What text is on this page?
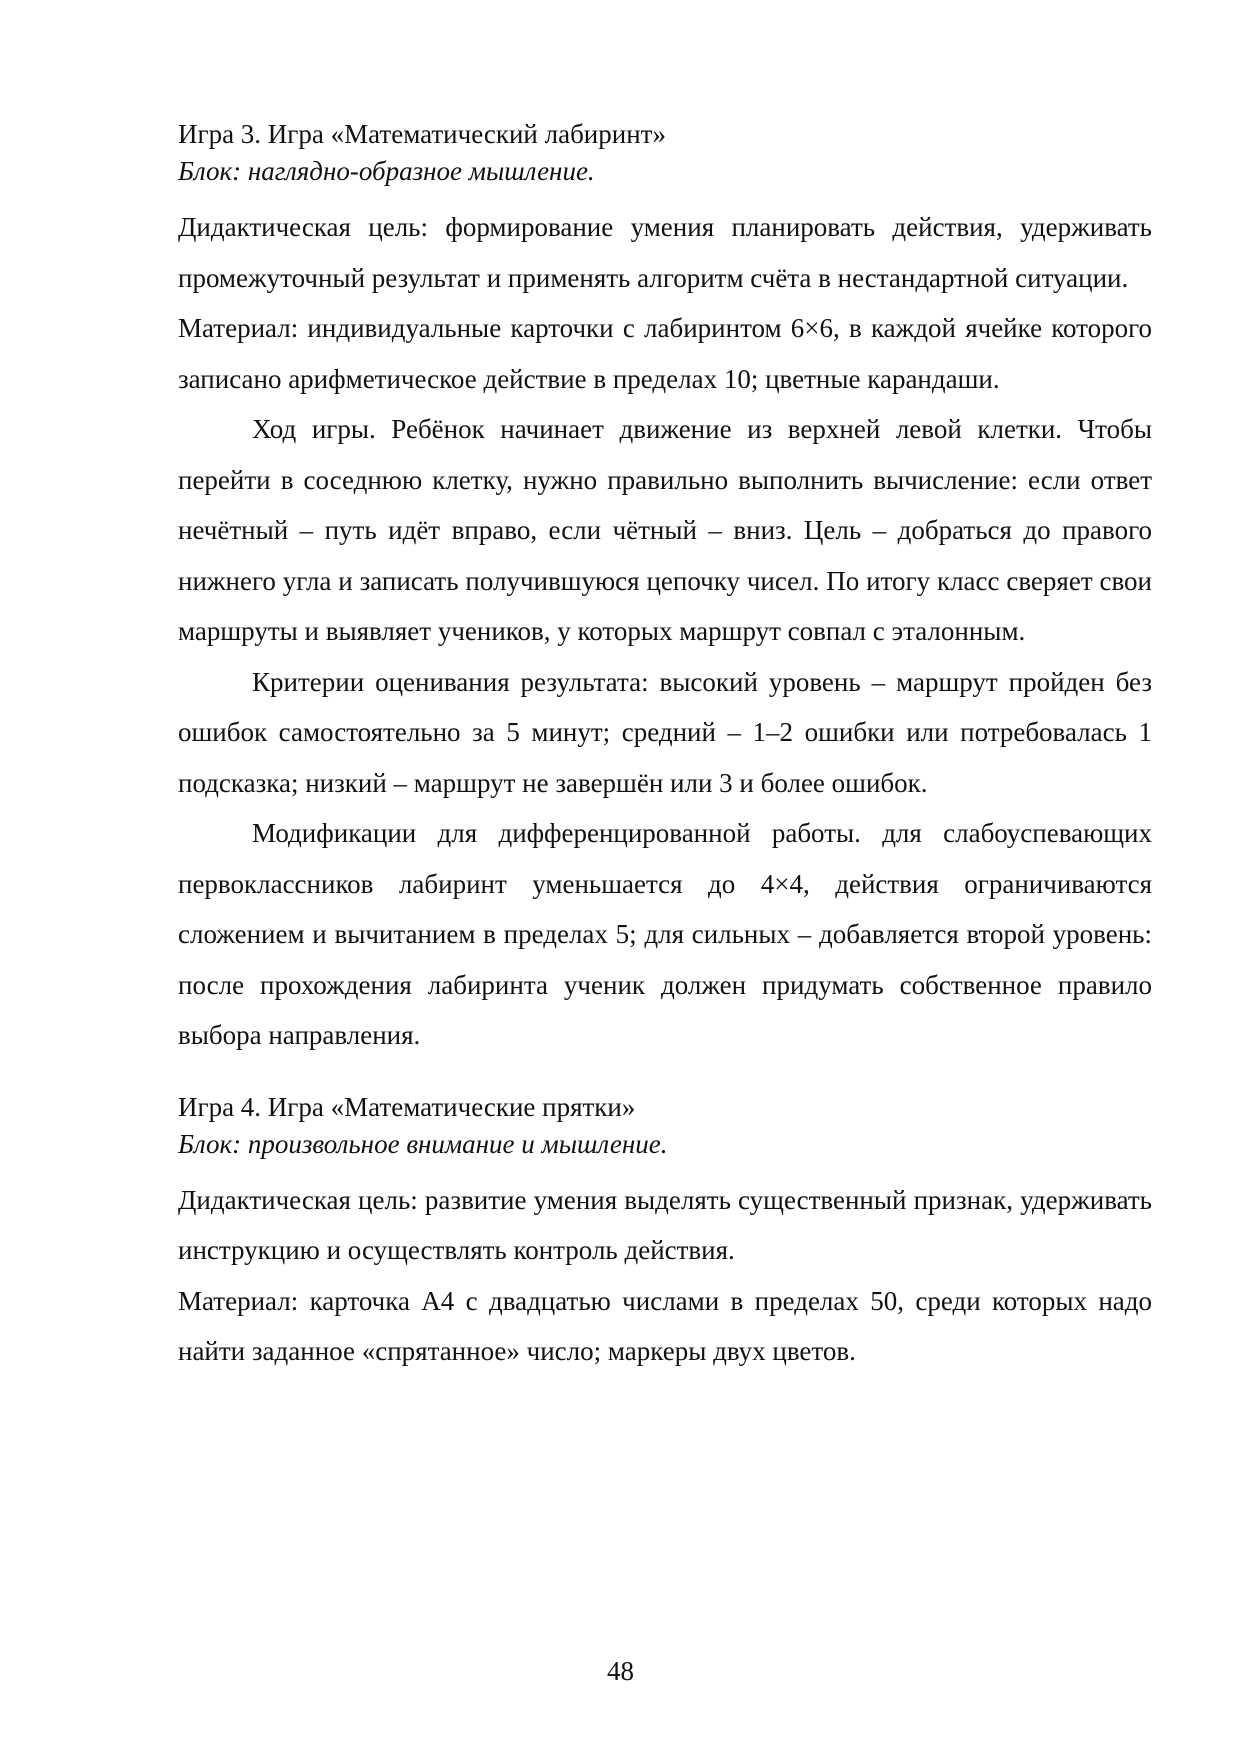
Игра 3. Игра «Математический лабиринт»

Блок: наглядно-образное мышление.

Дидактическая цель: формирование умения планировать действия, удерживать промежуточный результат и применять алгоритм счёта в нестандартной ситуации.

Материал: индивидуальные карточки с лабиринтом 6×6, в каждой ячейке которого записано арифметическое действие в пределах 10; цветные карандаши.

Ход игры. Ребёнок начинает движение из верхней левой клетки. Чтобы перейти в соседнюю клетку, нужно правильно выполнить вычисление: если ответ нечётный – путь идёт вправо, если чётный – вниз. Цель – добраться до правого нижнего угла и записать получившуюся цепочку чисел. По итогу класс сверяет свои маршруты и выявляет учеников, у которых маршрут совпал с эталонным.

Критерии оценивания результата: высокий уровень – маршрут пройден без ошибок самостоятельно за 5 минут; средний – 1–2 ошибки или потребовалась 1 подсказка; низкий – маршрут не завершён или 3 и более ошибок.

Модификации для дифференцированной работы. для слабоуспевающих первоклассников лабиринт уменьшается до 4×4, действия ограничиваются сложением и вычитанием в пределах 5; для сильных – добавляется второй уровень: после прохождения лабиринта ученик должен придумать собственное правило выбора направления.

Игра 4. Игра «Математические прятки»

Блок: произвольное внимание и мышление.

Дидактическая цель: развитие умения выделять существенный признак, удерживать инструкцию и осуществлять контроль действия.

Материал: карточка А4 с двадцатью числами в пределах 50, среди которых надо найти заданное «спрятанное» число; маркеры двух цветов.

48
